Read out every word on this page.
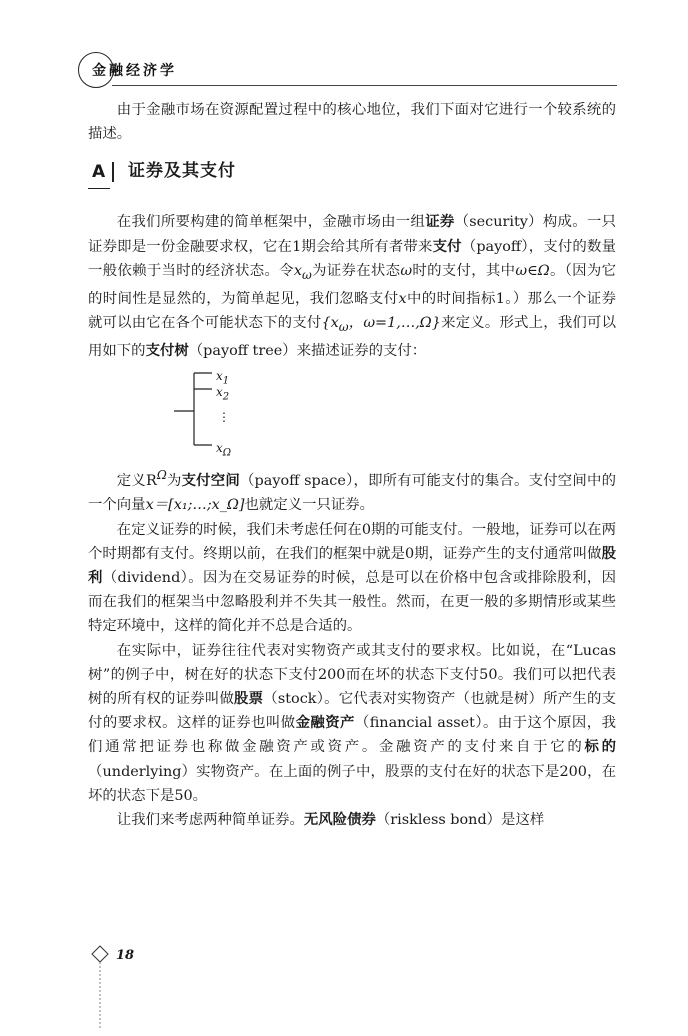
金融经济学

由于金融市场在资源配置过程中的核心地位，我们下面对它进行一个较系统的描述。

A 证券及其支付

在我们所要构建的简单框架中，金融市场由一组证券（security）构成。一只证券即是一份金融要求权，它在1期会给其所有者带来支付（payoff），支付的数量一般依赖于当时的经济状态。令$x_\omega$为证券在状态ω时的支付，其中ω∈Ω。（因为它的时间性是显然的，为简单起见，我们忽略支付x中的时间指标1。）那么一个证券就可以由它在各个可能状态下的支付{$x_\omega$，ω=1,…,Ω}来定义。形式上，我们可以用如下的支付树（payoff tree）来描述证券的支付：

$x_1$
$x_2$
⋮
$x_\Omega$

定义$R^\Omega$为支付空间（payoff space），即所有可能支付的集合。支付空间中的一个向量x＝[x₁;…;x_Ω]也就定义一只证券。

在定义证券的时候，我们未考虑任何在0期的可能支付。一般地，证券可以在两个时期都有支付。终期以前，在我们的框架中就是0期，证券产生的支付通常叫做股利（dividend）。因为在交易证券的时候，总是可以在价格中包含或排除股利，因而在我们的框架当中忽略股利并不失其一般性。然而，在更一般的多期情形或某些特定环境中，这样的简化并不总是合适的。

在实际中，证券往往代表对实物资产或其支付的要求权。比如说，在“Lucas树”的例子中，树在好的状态下支付200而在坏的状态下支付50。我们可以把代表树的所有权的证券叫做股票（stock）。它代表对实物资产（也就是树）所产生的支付的要求权。这样的证券也叫做金融资产（financial asset）。由于这个原因，我们通常把证券也称做金融资产或资产。金融资产的支付来自于它的标的（underlying）实物资产。在上面的例子中，股票的支付在好的状态下是200，在坏的状态下是50。

让我们来考虑两种简单证券。无风险债券（riskless bond）是这样

18
